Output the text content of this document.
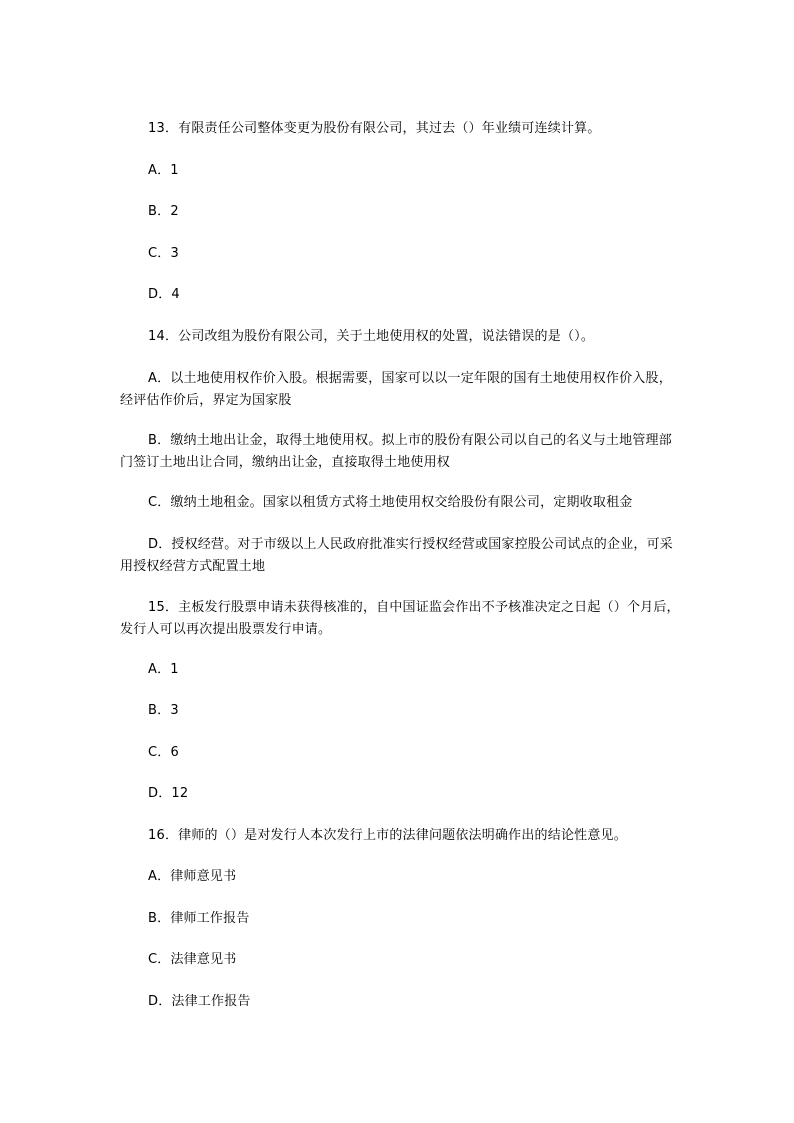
13．有限责任公司整体变更为股份有限公司，其过去（）年业绩可连续计算。
A．1
B．2
C．3
D．4
14．公司改组为股份有限公司，关于土地使用权的处置，说法错误的是（）。
A．以土地使用权作价入股。根据需要，国家可以以一定年限的国有土地使用权作价入股，经评估作价后，界定为国家股
B．缴纳土地出让金，取得土地使用权。拟上市的股份有限公司以自己的名义与土地管理部门签订土地出让合同，缴纳出让金，直接取得土地使用权
C．缴纳土地租金。国家以租赁方式将土地使用权交给股份有限公司，定期收取租金
D．授权经营。对于市级以上人民政府批准实行授权经营或国家控股公司试点的企业，可采用授权经营方式配置土地
15．主板发行股票申请未获得核准的，自中国证监会作出不予核准决定之日起（）个月后，发行人可以再次提出股票发行申请。
A．1
B．3
C．6
D．12
16．律师的（）是对发行人本次发行上市的法律问题依法明确作出的结论性意见。
A．律师意见书
B．律师工作报告
C．法律意见书
D．法律工作报告
